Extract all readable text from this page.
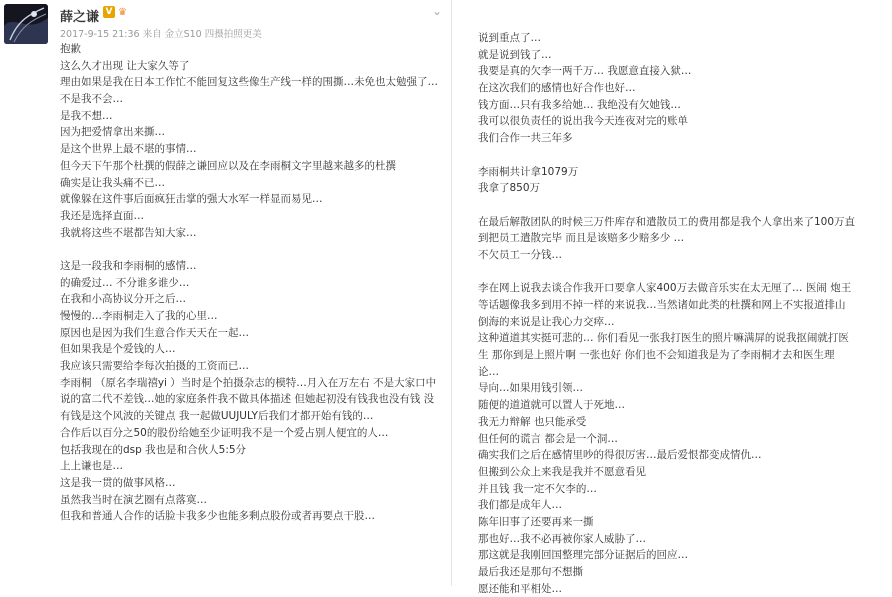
薛之谦 V ♛
2017-9-15 21:36 来自 金立S10 四摄拍照更美
⌄
抱歉
这么久才出现 让大家久等了
理由如果是我在日本工作忙不能回复这些像生产线一样的围撕…未免也太勉强了…
不是我不会…
是我不想…
因为把爱情拿出来撕…
是这个世界上最不堪的事情…
但今天下午那个杜撰的假薛之谦回应以及在李雨桐文字里越来越多的杜撰
确实是让我头痛不已…
就像躲在这件事后面疯狂击掌的强大水军一样显而易见…
我还是选择直面…
我就将这些不堪都告知大家…
这是一段我和李雨桐的感情…
的确爱过… 不分谁多谁少…
在我和小高协议分开之后…
慢慢的…李雨桐走入了我的心里…
原因也是因为我们生意合作天天在一起…
但如果我是个爱钱的人…
我应该只需要给李每次拍摄的工资而已…
李雨桐 （原名李瑞禧yi ）当时是个拍摄杂志的模特…月入在万左右 不是大家口中
说的富二代不差钱…她的家庭条件我不做具体描述 但她起初没有钱我也没有钱 没
有钱是这个风波的关键点 我一起做UUJULY后我们才都开始有钱的…
合作后以百分之50的股份给她至少证明我不是一个爱占别人便宜的人…
包括我现在的dsp 我也是和合伙人5:5分
上上谦也是…
这是我一贯的做事风格…
虽然我当时在演艺圈有点落寞…
但我和普通人合作的话脸卡我多少也能多剩点股份或者再要点干股…
说到重点了…
就是说到钱了…
我要是真的欠李一两千万… 我愿意直接入狱…
在这次我们的感情也好合作也好…
钱方面…只有我多给她… 我绝没有欠她钱…
我可以很负责任的说出我今天连夜对完的账单
我们合作一共三年多
李雨桐共计拿1079万
我拿了850万
在最后解散团队的时候三万件库存和遣散员工的费用都是我个人拿出来了100万直
到把员工遣散完毕 而且是该赔多少赔多少 …
不欠员工一分钱…
李在网上说我去谈合作我开口要拿人家400万去做音乐实在太无厘了… 医闹 炮王
等话题像我多到用不掉一样的来说我…当然诸如此类的杜撰和网上不实报道排山
倒海的来说是让我心力交瘁…
这种道道其实挺可悲的… 你们看见一张我打医生的照片嘛满屏的说我抠闹就打医
生 那你到是上照片啊 一张也好 你们也不会知道我是为了李雨桐才去和医生理
论…
导向…如果用钱引领…
随便的道道就可以置人于死地…
我无力辩解 也只能承受
但任何的谎言 都会是一个洞…
确实我们之后在感情里吵的得很厉害…最后爱恨都变成情仇…
但搬到公众上来我是我并不愿意看见
并且钱 我一定不欠李的…
我们都是成年人…
陈年旧事了还要再来一撕
那也好…我不必再被你家人威胁了…
那这就是我刚回国整理完部分证据后的回应…
最后我还是那句不想撕
愿还能和平相处…
